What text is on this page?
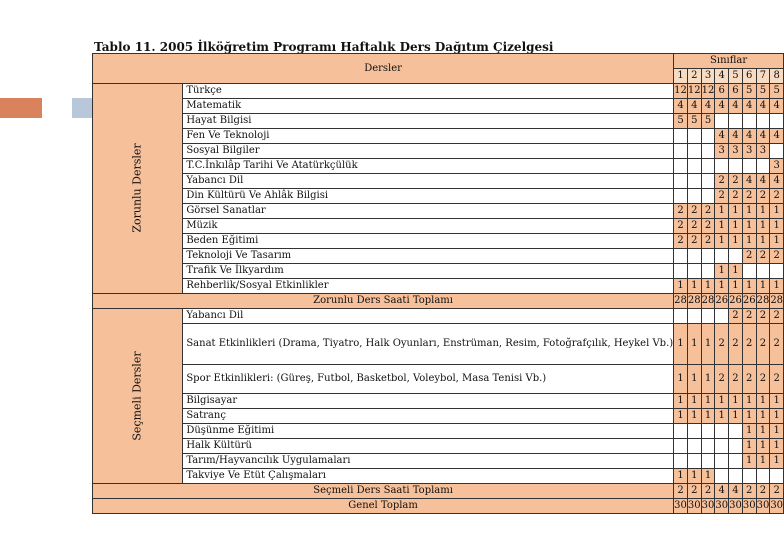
Tablo 11. 2005 İlköğretim Programı Haftalık Ders Dağıtım Çizelgesi
Dersler		Sınıflar							
		1	2	3	4	5	6	7	8
Zorunlu Dersler	Türkçe	12	12	12	6	6	5	5	5
	Matematik	4	4	4	4	4	4	4	4
	Hayat Bilgisi	5	5	5					
	Fen Ve Teknoloji				4	4	4	4	4
	Sosyal Bilgiler				3	3	3	3	
	T.C.İnkılâp Tarihi Ve Atatürkçülük								3
	Yabancı Dil				2	2	4	4	4
	Din Kültürü Ve Ahlâk Bilgisi				2	2	2	2	2
	Görsel Sanatlar	2	2	2	1	1	1	1	1
	Müzik	2	2	2	1	1	1	1	1
	Beden Eğitimi	2	2	2	1	1	1	1	1
	Teknoloji Ve Tasarım						2	2	2
	Trafik Ve İlkyardım				1	1			
	Rehberlik/Sosyal Etkinlikler	1	1	1	1	1	1	1	1
Zorunlu Ders Saati Toplamı		28	28	28	26	26	26	28	28
Seçmeli Dersler	Yabancı Dil					2	2	2	2
	Sanat Etkinlikleri (Drama, Tiyatro, Halk Oyunları, Enstrüman, Resim, Fotoğrafçılık, Heykel Vb.)	1	1	1	2	2	2	2	2
	Spor Etkinlikleri: (Güreş, Futbol, Basketbol, Voleybol, Masa Tenisi Vb.)	1	1	1	2	2	2	2	2
	Bilgisayar	1	1	1	1	1	1	1	1
	Satranç	1	1	1	1	1	1	1	1
	Düşünme Eğitimi						1	1	1
	Halk Kültürü						1	1	1
	Tarım/Hayvancılık Uygulamaları						1	1	1
	Takviye Ve Etüt Çalışmaları	1	1	1					
Seçmeli Ders Saati Toplamı		2	2	2	4	4	2	2	2
Genel Toplam		30	30	30	30	30	30	30	30
